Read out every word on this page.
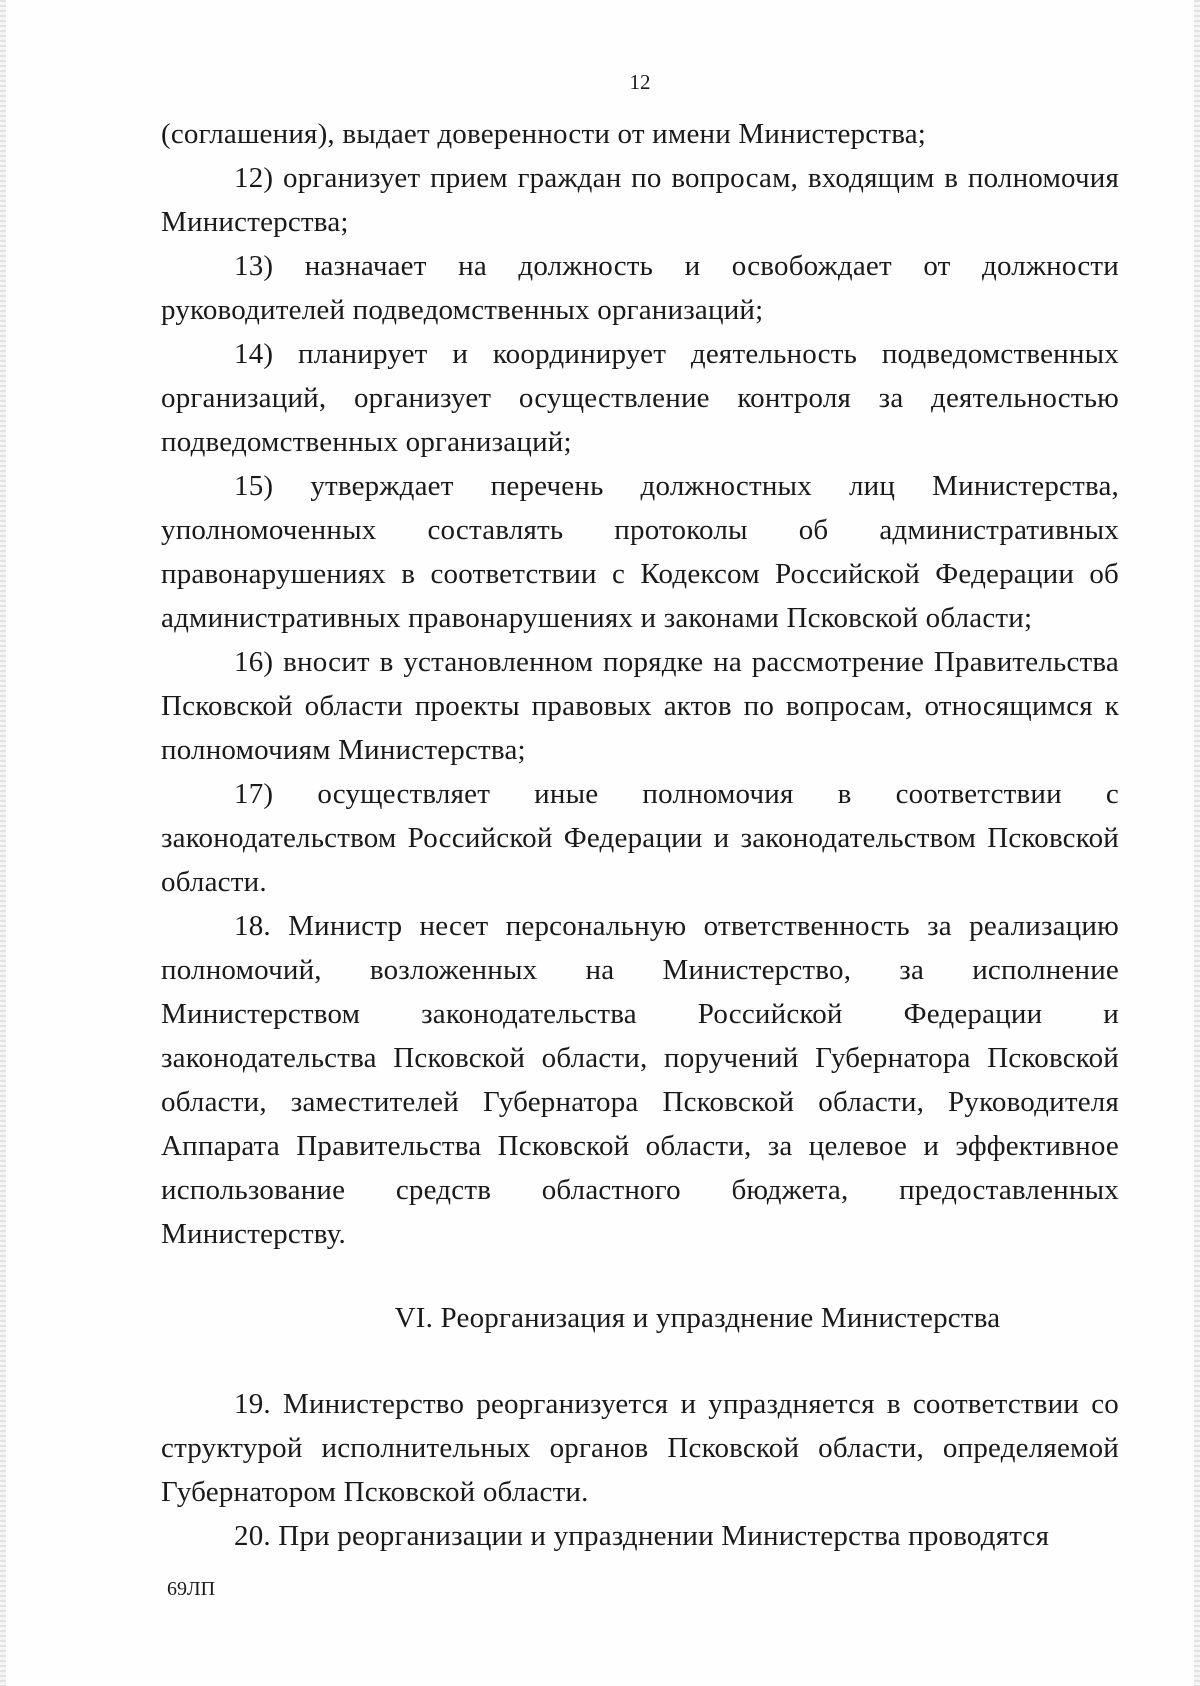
12

(соглашения), выдает доверенности от имени Министерства;

12) организует прием граждан по вопросам, входящим в полномочия Министерства;

13) назначает на должность и освобождает от должности руководителей подведомственных организаций;

14) планирует и координирует деятельность подведомственных организаций, организует осуществление контроля за деятельностью подведомственных организаций;

15) утверждает перечень должностных лиц Министерства, уполномоченных составлять протоколы об административных правонарушениях в соответствии с Кодексом Российской Федерации об административных правонарушениях и законами Псковской области;

16) вносит в установленном порядке на рассмотрение Правительства Псковской области проекты правовых актов по вопросам, относящимся к полномочиям Министерства;

17) осуществляет иные полномочия в соответствии с законодательством Российской Федерации и законодательством Псковской области.

18. Министр несет персональную ответственность за реализацию полномочий, возложенных на Министерство, за исполнение Министерством законодательства Российской Федерации и законодательства Псковской области, поручений Губернатора Псковской области, заместителей Губернатора Псковской области, Руководителя Аппарата Правительства Псковской области, за целевое и эффективное использование средств областного бюджета, предоставленных Министерству.

VI. Реорганизация и упразднение Министерства

19. Министерство реорганизуется и упраздняется в соответствии со структурой исполнительных органов Псковской области, определяемой Губернатором Псковской области.

20. При реорганизации и упразднении Министерства проводятся

69ЛП
